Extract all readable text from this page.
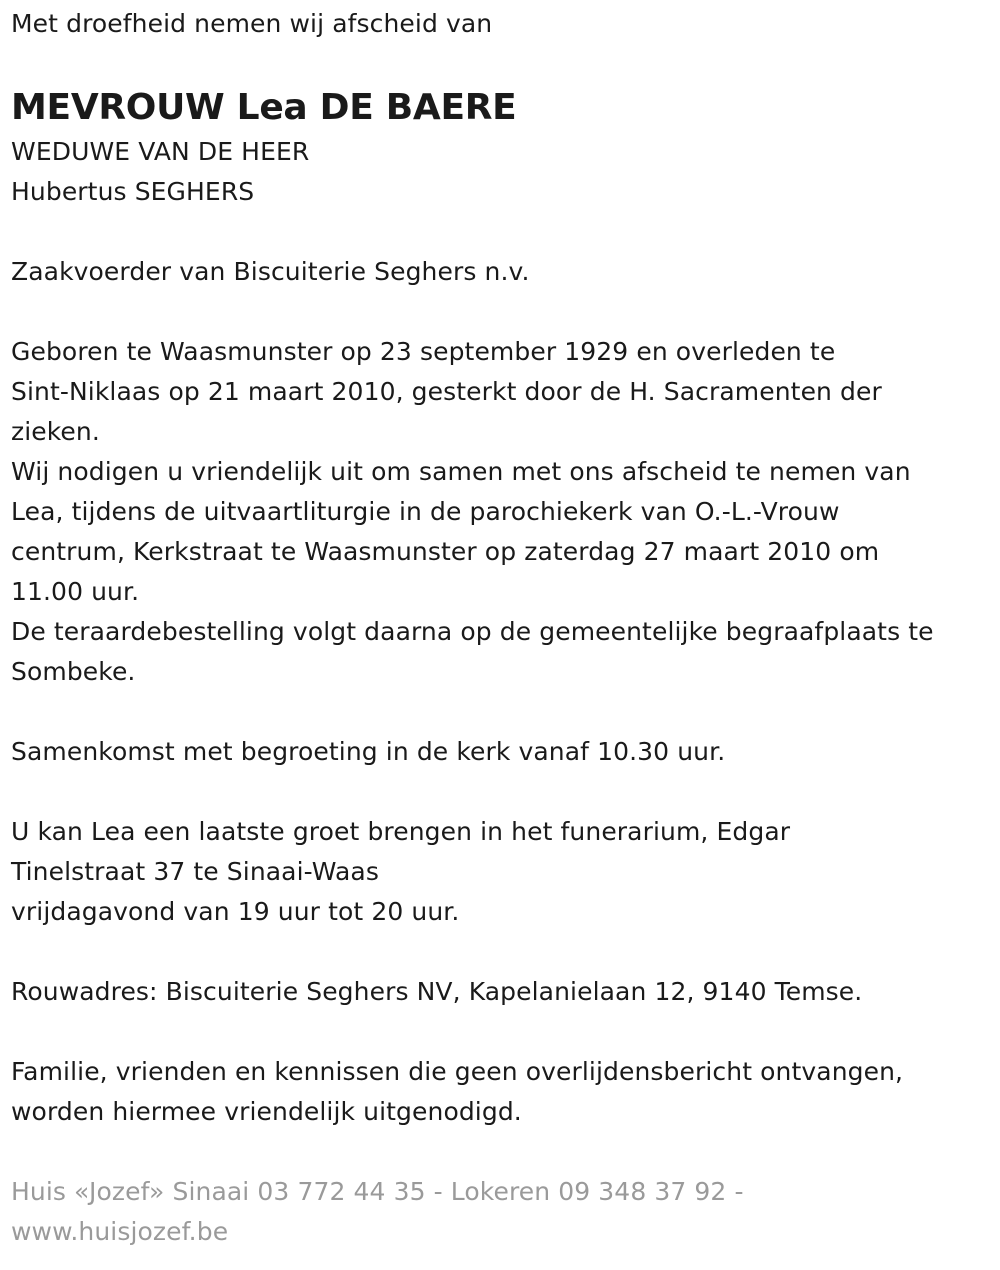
Met droefheid nemen wij afscheid van
MEVROUW Lea DE BAERE
WEDUWE VAN DE HEER
Hubertus SEGHERS
Zaakvoerder van Biscuiterie Seghers n.v.
Geboren te Waasmunster op 23 september 1929 en overleden te
Sint-Niklaas op 21 maart 2010, gesterkt door de H. Sacramenten der
zieken.
Wij nodigen u vriendelijk uit om samen met ons afscheid te nemen van
Lea, tijdens de uitvaartliturgie in de parochiekerk van O.-L.-Vrouw
centrum, Kerkstraat te Waasmunster op zaterdag 27 maart 2010 om
11.00 uur.
De teraardebestelling volgt daarna op de gemeentelijke begraafplaats te
Sombeke.
Samenkomst met begroeting in de kerk vanaf 10.30 uur.
U kan Lea een laatste groet brengen in het funerarium, Edgar
Tinelstraat 37 te Sinaai-Waas
vrijdagavond van 19 uur tot 20 uur.
Rouwadres: Biscuiterie Seghers NV, Kapelanielaan 12, 9140 Temse.
Familie, vrienden en kennissen die geen overlijdensbericht ontvangen,
worden hiermee vriendelijk uitgenodigd.
Huis «Jozef» Sinaai 03 772 44 35 - Lokeren 09 348 37 92 -
www.huisjozef.be
